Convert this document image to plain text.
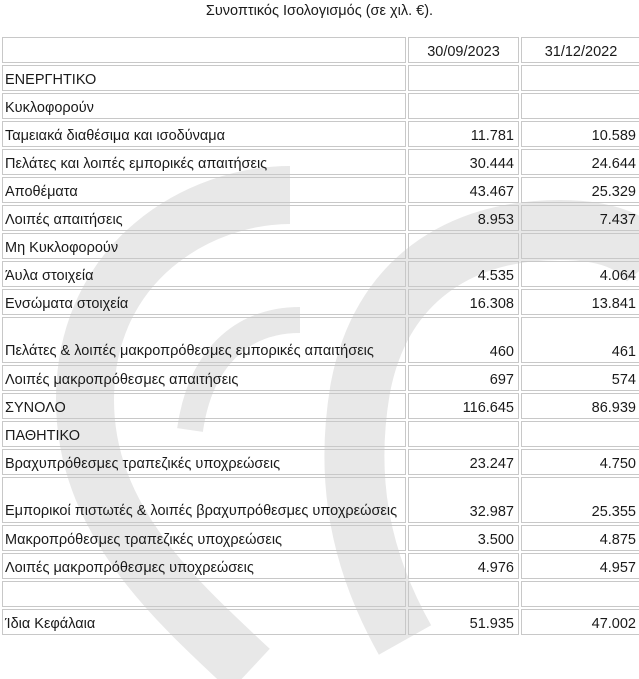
Συνοπτικός Ισολογισμός (σε χιλ. €).
	30/09/2023	31/12/2022
ΕΝΕΡΓΗΤΙΚΟ		
Κυκλοφορούν		
Ταμειακά διαθέσιμα και ισοδύναμα	11.781	10.589
Πελάτες και λοιπές εμπορικές απαιτήσεις	30.444	24.644
Αποθέματα	43.467	25.329
Λοιπές απαιτήσεις	8.953	7.437
Μη Κυκλοφορούν		
Άυλα στοιχεία	4.535	4.064
Ενσώματα στοιχεία	16.308	13.841
Πελάτες & λοιπές μακροπρόθεσμες εμπορικές απαιτήσεις	460	461
Λοιπές μακροπρόθεσμες απαιτήσεις	697	574
ΣΥΝΟΛΟ	116.645	86.939
ΠΑΘΗΤΙΚΟ		
Βραχυπρόθεσμες τραπεζικές υποχρεώσεις	23.247	4.750
Εμπορικοί πιστωτές & λοιπές βραχυπρόθεσμες υποχρεώσεις	32.987	25.355
Μακροπρόθεσμες τραπεζικές υποχρεώσεις	3.500	4.875
Λοιπές μακροπρόθεσμες υποχρεώσεις	4.976	4.957

Ίδια Κεφάλαια	51.935	47.002
